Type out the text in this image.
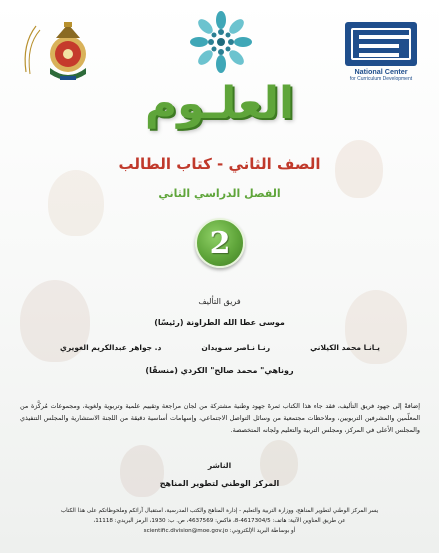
National Center
for Curriculum Development
العلـوم
الصف الثاني - كتاب الطالب
الفصل الدراسي الثاني
2
فريق التأليف
موسى عطا الله الطراونة (رئيسًا)
يـانـا محمد الكيلاني
رنـا نـاصر سـويدان
د. جواهر عبدالكريم الغويري
روناهي" محمد صالح" الكردي (منسقًا)
إضافةً إلى جهود فريق التأليف، فقد جاء هذا الكتاب ثمرةَ جهود وطنية مشتركة من لجان مراجعة وتقييم علمية وتربوية ولغوية، ومجموعات مُركَّزة من المعلّمين والمشرفين التربويين، وملاحظات مجتمعية من وسائل التواصل الاجتماعي، وإسهامات أساسية دقيقة من اللجنة الاستشارية والمجلس التنفيذي والمجلس الأعلى في المركز، ومجلس التربية والتعليم ولجانه المتخصصة.
الناشر
المركز الوطني لتطوير المناهج
يسر المركز الوطني لتطوير المناهج، ووزارة التربية والتعليم - إدارة المناهج والكتب المدرسية، استقبال آرائكم وملحوظاتكم على هذا الكتاب
عن طريق العناوين الآتية: هاتف: 4617304/5-8، فاكس: 4637569، ص. ب: 1930، الرمز البريدي: 11118،
أو بوساطة البريد الإلكتروني: scientific.division@moe.gov.jo
